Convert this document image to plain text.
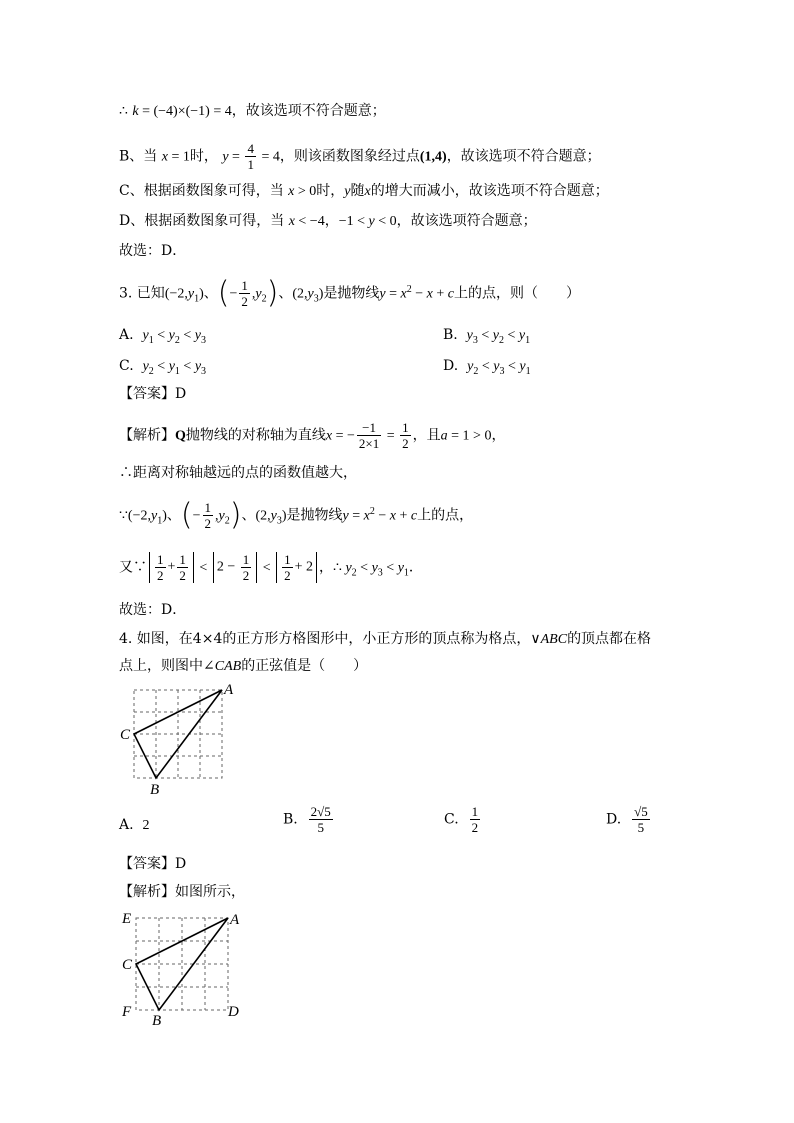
∴ k = (−4)×(−1) = 4，故该选项不符合题意；
B、当 x = 1时， $y = \frac{4}{1} = 4$，则该函数图象经过点(1,4)，故该选项不符合题意；
C、根据函数图象可得，当 x > 0时，y随x的增大而减小，故该选项不符合题意；
D、根据函数图象可得，当 x < −4，−1 < y < 0，故该选项符合题意；
故选：D．
3. 已知$(-2,y_1)$、(− $\frac{1}{2} ,y_2$)、$(2,y_3)$是抛物线$y = x^2 - x + c$上的点，则（　　）
A. $y_1 < y_2 < y_3$	B. $y_3 < y_2 < y_1$
C. $y_2 < y_1 < y_3$	D. $y_2 < y_3 < y_1$
【答案】D
【解析】Q抛物线的对称轴为直线x = − $\frac{-1}{2\times 1} = \frac{1}{2}$ ，且a = 1 > 0，
∴距离对称轴越远的点的函数值越大，
$\because(-2,y_1)$、(− $\frac{1}{2} ,y_2$)、$(2,y_3)$是抛物线$y = x^2 - x + c$上的点，
又∵ $\frac{1}{2} + \frac{1}{2} < 2 - \frac{1}{2} < \frac{1}{2} + 2$ ，∴ $y_2 < y_3 < y_1$．
故选：D．
4. 如图，在4×4的正方形方格图形中，小正方形的顶点称为格点，∨ABC的顶点都在格
点上，则图中∠CAB的正弦值是（　　）
A
C
B
A. 2	B. $\frac{2√5}{5}$	C. $\frac{1}{2}$	D. $\frac{√5}{5}$
【答案】D
【解析】如图所示，
A
E
C
F
B
D
